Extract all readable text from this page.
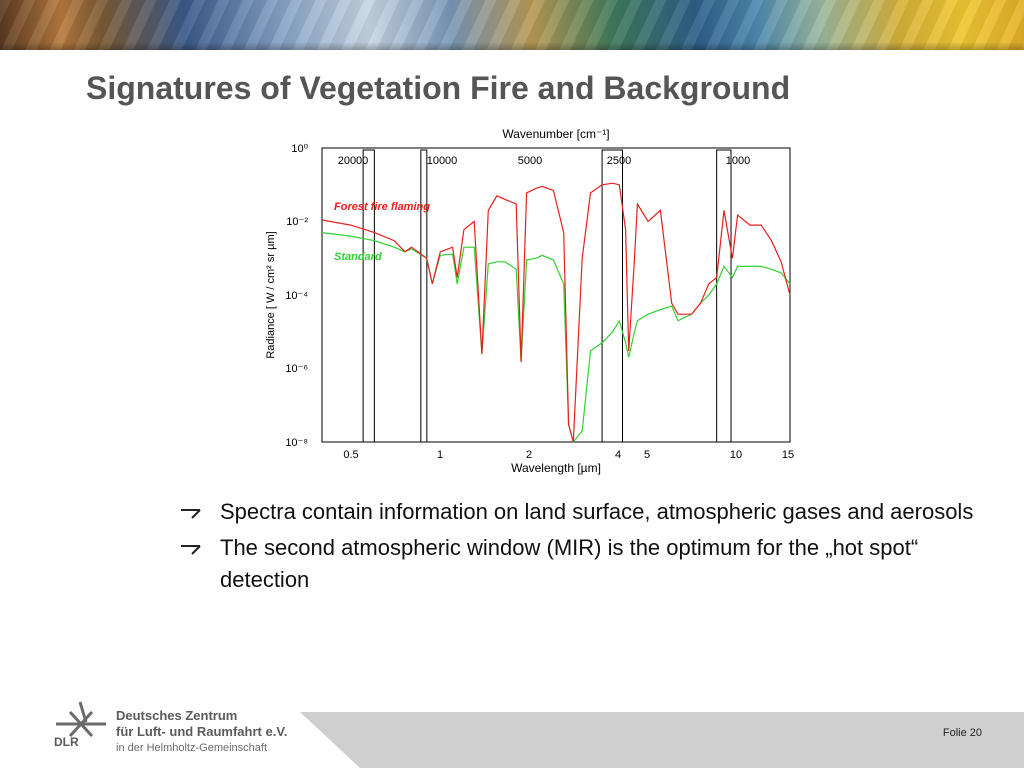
Signatures of Vegetation Fire and Background
Wavenumber [cm⁻¹]
20000	10000	5000	2500	1000
10⁰
10⁻²
10⁻⁴
10⁻⁶
10⁻⁸
Radiance [ W / cm² sr µm]
0.5	1	2	4 5	10	15
Wavelength [µm]
Forest fire flaming
Standard
Spectra contain information on land surface, atmospheric gases and aerosols
The second atmospheric window (MIR) is the optimum for the „hot spot“ detection
Folie 20
DLR
Deutsches Zentrum
für Luft- und Raumfahrt e.V.
in der Helmholtz-Gemeinschaft
